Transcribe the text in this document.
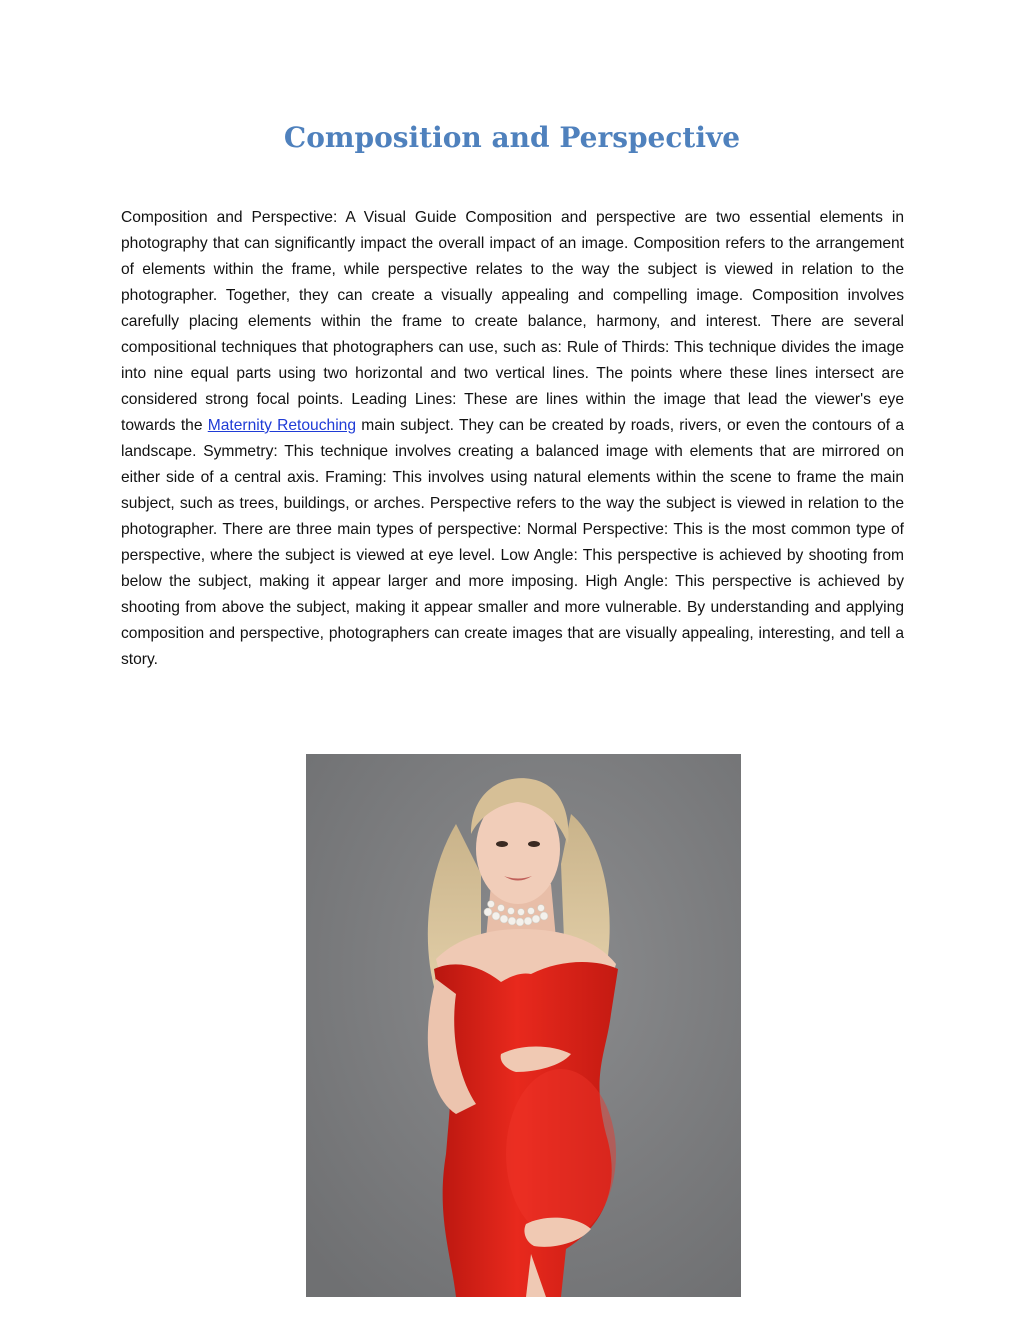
Composition and Perspective

Composition and Perspective: A Visual Guide Composition and perspective are two essential elements in photography that can significantly impact the overall impact of an image. Composition refers to the arrangement of elements within the frame, while perspective relates to the way the subject is viewed in relation to the photographer. Together, they can create a visually appealing and compelling image. Composition involves carefully placing elements within the frame to create balance, harmony, and interest. There are several compositional techniques that photographers can use, such as: Rule of Thirds: This technique divides the image into nine equal parts using two horizontal and two vertical lines. The points where these lines intersect are considered strong focal points. Leading Lines: These are lines within the image that lead the viewer's eye towards the Maternity Retouching main subject. They can be created by roads, rivers, or even the contours of a landscape. Symmetry: This technique involves creating a balanced image with elements that are mirrored on either side of a central axis. Framing: This involves using natural elements within the scene to frame the main subject, such as trees, buildings, or arches. Perspective refers to the way the subject is viewed in relation to the photographer. There are three main types of perspective: Normal Perspective: This is the most common type of perspective, where the subject is viewed at eye level. Low Angle: This perspective is achieved by shooting from below the subject, making it appear larger and more imposing. High Angle: This perspective is achieved by shooting from above the subject, making it appear smaller and more vulnerable. By understanding and applying composition and perspective, photographers can create images that are visually appealing, interesting, and tell a story.
